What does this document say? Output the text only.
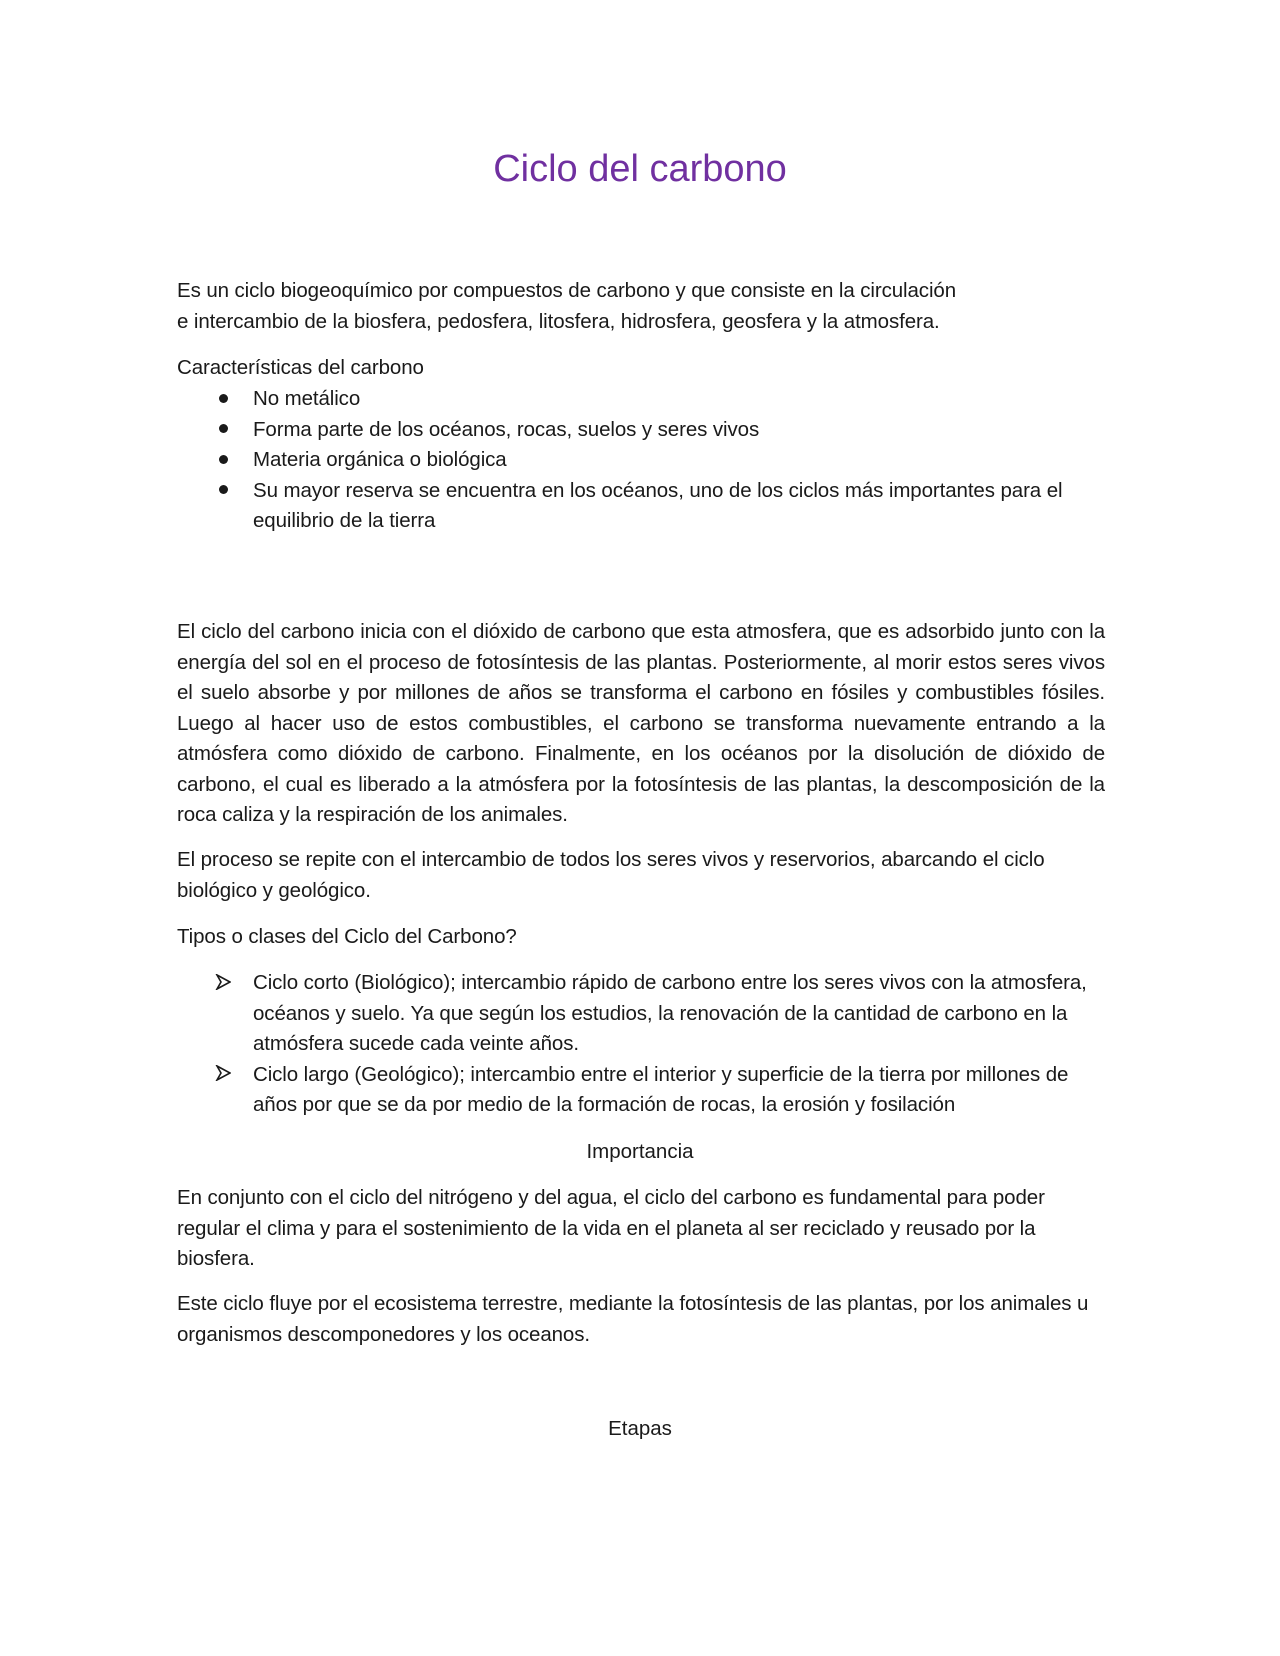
Ciclo del carbono
Es un ciclo biogeoquímico por compuestos de carbono y que consiste en la circulación
e intercambio de la biosfera, pedosfera, litosfera, hidrosfera, geosfera y la atmosfera.

Características del carbono

No metálico
Forma parte de los océanos, rocas, suelos y seres vivos
Materia orgánica o biológica
Su mayor reserva se encuentra en los océanos, uno de los ciclos más importantes para el equilibrio de la tierra

El ciclo del carbono inicia con el dióxido de carbono que esta atmosfera, que es adsorbido junto con la energía del sol en el proceso de fotosíntesis de las plantas. Posteriormente, al morir estos seres vivos el suelo absorbe y por millones de años se transforma el carbono en fósiles y combustibles fósiles. Luego al hacer uso de estos combustibles, el carbono se transforma nuevamente entrando a la atmósfera como dióxido de carbono. Finalmente, en los océanos por la disolución de dióxido de carbono, el cual es liberado a la atmósfera por la fotosíntesis de las plantas, la descomposición de la roca caliza y la respiración de los animales.

El proceso se repite con el intercambio de todos los seres vivos y reservorios, abarcando el ciclo biológico y geológico.

Tipos o clases del Ciclo del Carbono?

Ciclo corto (Biológico); intercambio rápido de carbono entre los seres vivos con la atmosfera, océanos y suelo. Ya que según los estudios, la renovación de la cantidad de carbono en la atmósfera sucede cada veinte años.
Ciclo largo (Geológico); intercambio entre el interior y superficie de la tierra por millones de años por que se da por medio de la formación de rocas, la erosión y fosilación
Importancia

En conjunto con el ciclo del nitrógeno y del agua, el ciclo del carbono es fundamental para poder regular el clima y para el sostenimiento de la vida en el planeta al ser reciclado y reusado por la biosfera.

Este ciclo fluye por el ecosistema terrestre, mediante la fotosíntesis de las plantas, por los animales u organismos descomponedores y los oceanos.

Etapas
